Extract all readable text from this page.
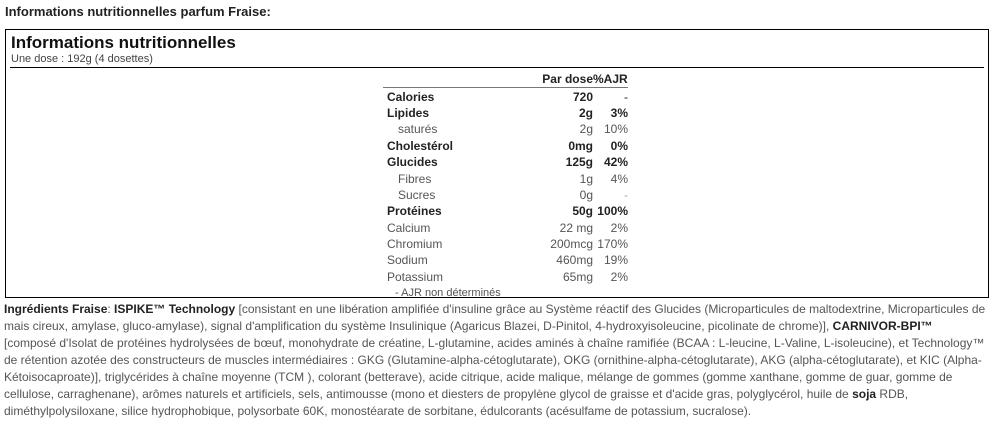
Informations nutritionnelles parfum Fraise:
Informations nutritionnelles
Une dose : 192g (4 dosettes)
	Par dose	%AJR
Calories	720	-
Lipides	2g	3%
saturés	2g	10%
Cholestérol	0mg	0%
Glucides	125g	42%
Fibres	1g	4%
Sucres	0g	-
Protéines	50g	100%
Calcium	22 mg	2%
Chromium	200mcg	170%
Sodium	460mg	19%
Potassium	65mg	2%
- AJR non déterminés		
Ingrédients Fraise: ISPIKE™ Technology [consistant en une libération amplifiée d'insuline grâce au Système réactif des Glucides (Microparticules de maltodextrine, Microparticules de mais cireux, amylase, gluco-amylase), signal d'amplification du système Insulinique (Agaricus Blazei, D-Pinitol, 4-hydroxyisoleucine, picolinate de chrome)], CARNIVOR-BPI™ [composé d'Isolat de protéines hydrolysées de bœuf, monohydrate de créatine, L-glutamine, acides aminés à chaîne ramifiée (BCAA : L-leucine, L-Valine, L-isoleucine), et Technology™ de rétention azotée des constructeurs de muscles intermédiaires : GKG (Glutamine-alpha-cétoglutarate), OKG (ornithine-alpha-cétoglutarate), AKG (alpha-cétoglutarate), et KIC (Alpha-Kétoisocaproate)], triglycérides à chaîne moyenne (TCM ), colorant (betterave), acide citrique, acide malique, mélange de gommes (gomme xanthane, gomme de guar, gomme de cellulose, carraghenane), arômes naturels et artificiels, sels, antimousse (mono et diesters de propylène glycol de graisse et d'acide gras, polyglycérol, huile de soja RDB, diméthylpolysiloxane, silice hydrophobique, polysorbate 60K, monostéarate de sorbitane, édulcorants (acésulfame de potassium, sucralose).
